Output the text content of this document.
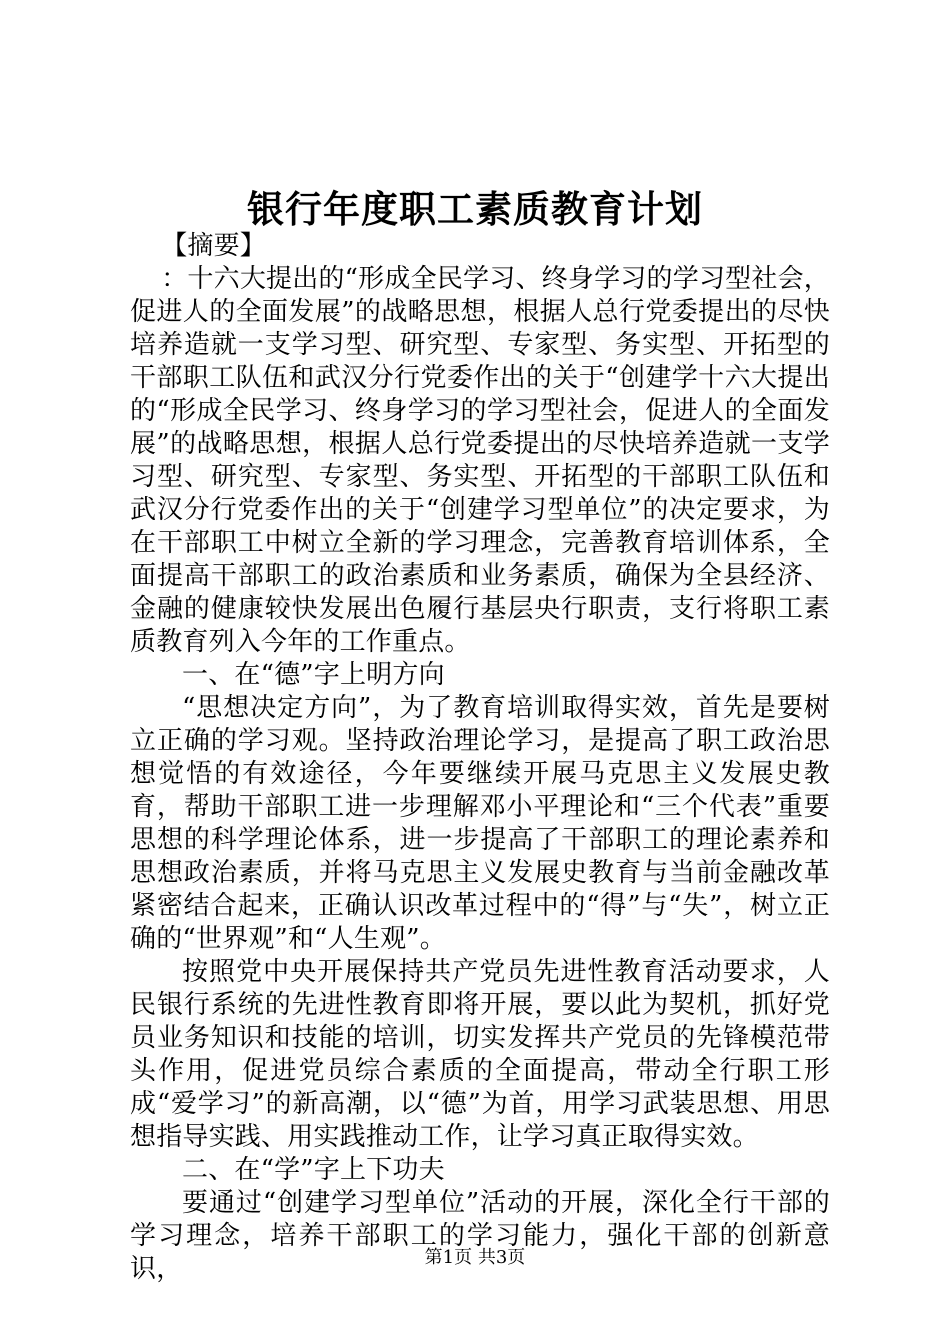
银行年度职工素质教育计划

【摘要】

：十六大提出的“形成全民学习、终身学习的学习型社会，促进人的全面发展”的战略思想，根据人总行党委提出的尽快培养造就一支学习型、研究型、专家型、务实型、开拓型的干部职工队伍和武汉分行党委作出的关于“创建学十六大提出的“形成全民学习、终身学习的学习型社会，促进人的全面发展”的战略思想，根据人总行党委提出的尽快培养造就一支学习型、研究型、专家型、务实型、开拓型的干部职工队伍和武汉分行党委作出的关于“创建学习型单位”的决定要求，为在干部职工中树立全新的学习理念，完善教育培训体系，全面提高干部职工的政治素质和业务素质，确保为全县经济、金融的健康较快发展出色履行基层央行职责，支行将职工素质教育列入今年的工作重点。

一、在“德”字上明方向

“思想决定方向”，为了教育培训取得实效，首先是要树立正确的学习观。坚持政治理论学习，是提高了职工政治思想觉悟的有效途径，今年要继续开展马克思主义发展史教育，帮助干部职工进一步理解邓小平理论和“三个代表”重要思想的科学理论体系，进一步提高了干部职工的理论素养和思想政治素质，并将马克思主义发展史教育与当前金融改革紧密结合起来，正确认识改革过程中的“得”与“失”，树立正确的“世界观”和“人生观”。

按照党中央开展保持共产党员先进性教育活动要求，人民银行系统的先进性教育即将开展，要以此为契机，抓好党员业务知识和技能的培训，切实发挥共产党员的先锋模范带头作用，促进党员综合素质的全面提高，带动全行职工形成“爱学习”的新高潮，以“德”为首，用学习武装思想、用思想指导实践、用实践推动工作，让学习真正取得实效。

二、在“学”字上下功夫

要通过“创建学习型单位”活动的开展，深化全行干部的学习理念，培养干部职工的学习能力，强化干部的创新意识，	第1页 共3页
